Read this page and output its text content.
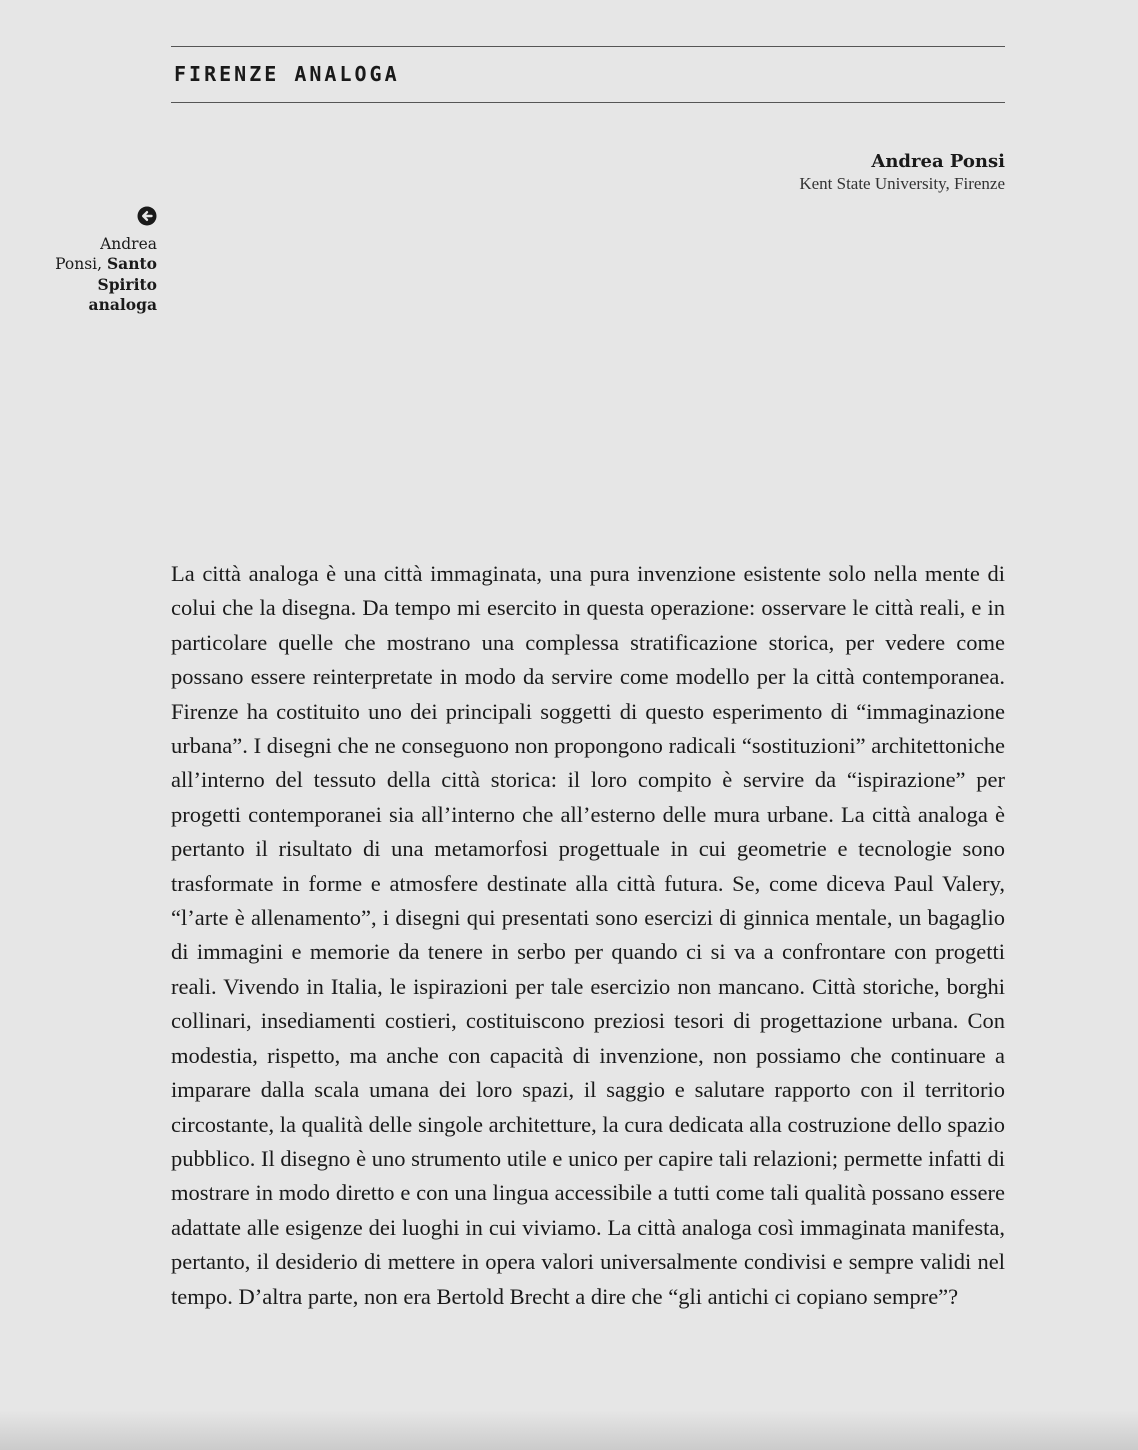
FIRENZE ANALOGA
Andrea Ponsi
Kent State University, Firenze
Andrea
Ponsi, Santo
Spirito
analoga

La città analoga è una città immaginata, una pura invenzione esistente solo nella mente di colui che la disegna. Da tempo mi esercito in questa operazione: osservare le città reali, e in particolare quelle che mostrano una complessa stratificazione storica, per vedere come possano essere reinterpretate in modo da servire come modello per la città contemporanea. Firenze ha costituito uno dei principali soggetti di questo esperimento di “immaginazione urbana”. I disegni che ne conseguono non propongono radicali “sostituzioni” architettoniche all’interno del tessuto della città storica: il loro compito è servire da “ispirazione” per progetti contemporanei sia all’interno che all’esterno delle mura urbane. La città analoga è pertanto il risultato di una metamorfosi progettuale in cui geometrie e tecnologie sono trasformate in forme e atmosfere destinate alla città futura. Se, come diceva Paul Valery, “l’arte è allenamento”, i disegni qui presentati sono esercizi di ginnica mentale, un bagaglio di immagini e memorie da tenere in serbo per quando ci si va a confrontare con progetti reali. Vivendo in Italia, le ispirazioni per tale esercizio non mancano. Città storiche, borghi collinari, insediamenti costieri, costituiscono preziosi tesori di progettazione urbana. Con modestia, rispetto, ma anche con capacità di invenzione, non possiamo che continuare a imparare dalla scala umana dei loro spazi, il saggio e salutare rapporto con il territorio circostante, la qualità delle singole architetture, la cura dedicata alla costruzione dello spazio pubblico. Il disegno è uno strumento utile e unico per capire tali relazioni; permette infatti di mostrare in modo diretto e con una lingua accessibile a tutti come tali qualità possano essere adattate alle esigenze dei luoghi in cui viviamo. La città analoga così immaginata manifesta, pertanto, il desiderio di mettere in opera valori universalmente condivisi e sempre validi nel tempo. D’altra parte, non era Bertold Brecht a dire che “gli antichi ci copiano sempre”?
